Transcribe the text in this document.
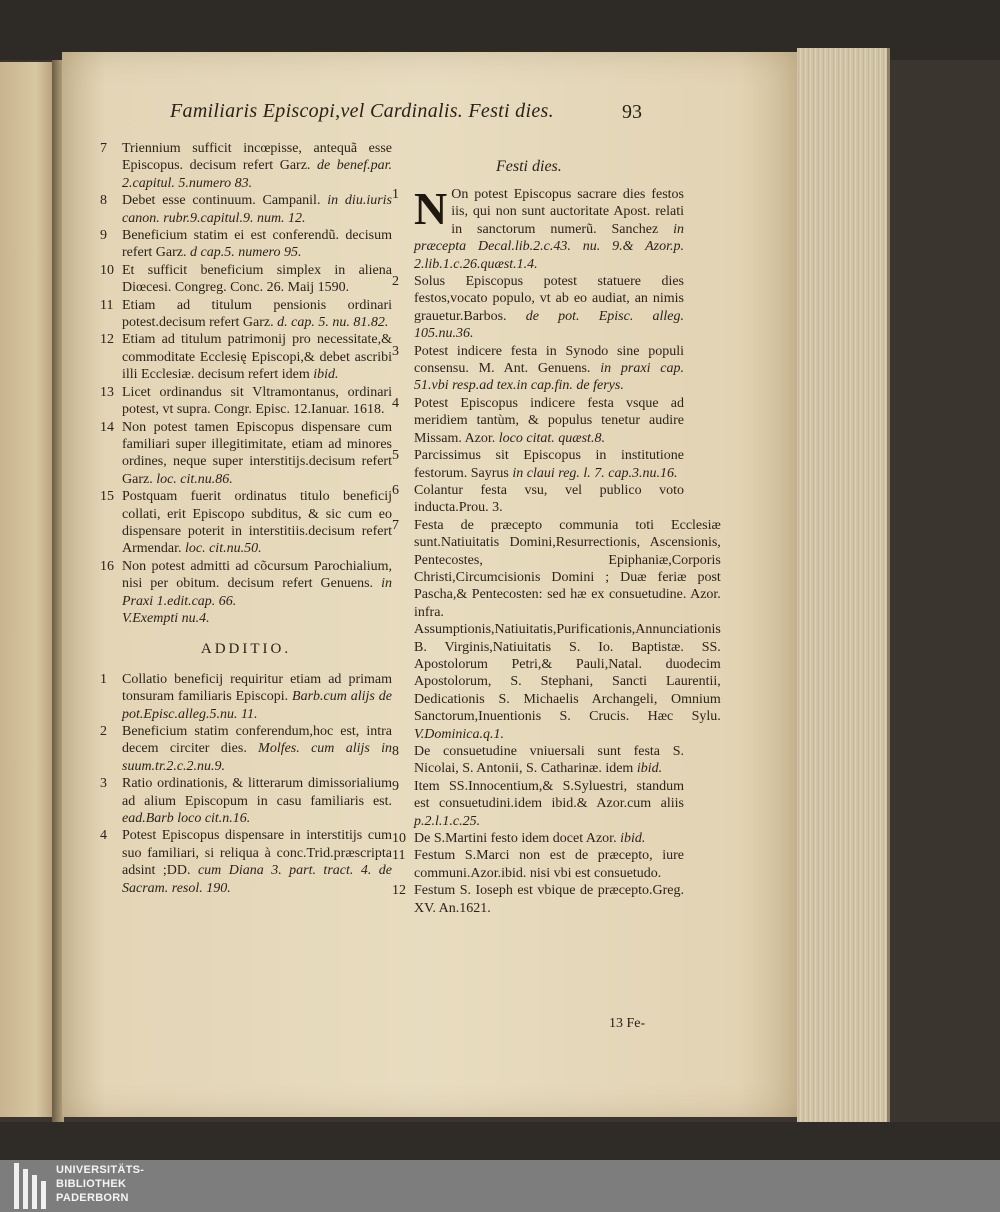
Familiaris Episcopi,vel Cardinalis. Festi dies.	93
7	Triennium sufficit incœpisse, antequã esse Episcopus. decisum refert Garz. de benef.par. 2.capitul. 5.numero 83.
8	Debet esse continuum. Campanil. in diu.iuris canon. rubr.9.capitul.9. num. 12.
9	Beneficium statim ei est conferendũ. decisum refert Garz. d cap.5. numero 95.
10 Et sufficit beneficium simplex in aliena Diœcesi. Congreg. Conc. 26. Maij 1590.
11 Etiam ad titulum pensionis ordinari potest.decisum refert Garz. d. cap. 5. nu. 81.82.
12 Etiam ad titulum patrimonij pro necessitate,& commoditate Ecclesię Episcopi,& debet ascribi illi Ecclesiæ. decisum refert idem ibid.
13 Licet ordinandus sit Vltramontanus, ordinari potest, vt supra. Congr. Episc. 12.Ianuar. 1618.
14 Non potest tamen Episcopus dispensare cum familiari super illegitimitate, etiam ad minores ordines, neque super interstitijs.decisum refert Garz. loc. cit.nu.86.
15 Postquam fuerit ordinatus titulo beneficij collati, erit Episcopo subditus, & sic cum eo dispensare poterit in interstitiis.decisum refert Armendar. loc. cit.nu.50.
16 Non potest admitti ad cõcursum Parochialium, nisi per obitum. decisum refert Genuens. in Praxi 1.edit.cap. 66.
V.Exempti nu.4.
ADDITIO.
1	Collatio beneficij requiritur etiam ad primam tonsuram familiaris Episcopi. Barb.cum alijs de pot.Episc.alleg.5.nu. 11.
2	Beneficium statim conferendum,hoc est, intra decem circiter dies. Molfes. cum alijs in suum.tr.2.c.2.nu.9.
3	Ratio ordinationis, & litterarum dimissorialium ad alium Episcopum in casu familiaris est. ead.Barb loco cit.n.16.
4	Potest Episcopus dispensare in interstitijs cum suo familiari, si reliqua à conc.Trid.præscripta adsint ;DD. cum Diana 3. part. tract. 4. de Sacram. resol. 190.
Festi dies.
1 N On potest Episcopus sacrare dies festos iis, qui non sunt auctoritate Apost. relati in sanctorum numerũ. Sanchez in præcepta Decal.lib.2.c.43. nu. 9.& Azor.p. 2.lib.1.c.26.quæst.1.4.
2	Solus Episcopus potest statuere dies festos,vocato populo, vt ab eo audiat, an nimis grauetur.Barbos. de pot. Episc. alleg. 105.nu.36.
3	Potest indicere festa in Synodo sine populi consensu. M. Ant. Genuens. in praxi cap. 51.vbi resp.ad tex.in cap.fin. de ferys.
4	Potest Episcopus indicere festa vsque ad meridiem tantùm, & populus tenetur audire Missam. Azor. loco citat. quæst.8.
5	Parcissimus sit Episcopus in institutione festorum. Sayrus in claui reg. l. 7. cap.3.nu.16.
6	Colantur festa vsu, vel publico voto inducta.Prou. 3.
7	Festa de præcepto communia toti Ecclesiæ sunt.Natiuitatis Domini,Resurrectionis, Ascensionis, Pentecostes, Epiphaniæ,Corporis Christi,Circumcisionis Domini ; Duæ feriæ post Pascha,& Pentecosten: sed hæ ex consuetudine. Azor. infra. Assumptionis,Natiuitatis,Purificationis,Annunciationis B. Virginis,Natiuitatis S. Io. Baptistæ. SS. Apostolorum Petri,& Pauli,Natal. duodecim Apostolorum, S. Stephani, Sancti Laurentii, Dedicationis S. Michaelis Archangeli, Omnium Sanctorum,Inuentionis S. Crucis. Hæc Sylu. V.Dominica.q.1.
8	De consuetudine vniuersali sunt festa S. Nicolai, S. Antonii, S. Catharinæ. idem ibid.
9	Item SS.Innocentium,& S.Syluestri, standum est consuetudini.idem ibid.& Azor.cum aliis p.2.l.1.c.25.
10 De S.Martini festo idem docet Azor. ibid.
11 Festum S.Marci non est de præcepto, iure communi.Azor.ibid. nisi vbi est consuetudo.
12 Festum S. Ioseph est vbique de præcepto.Greg. XV. An.1621.
13 Fe-
UNIVERSITÄTS-
BIBLIOTHEK
PADERBORN
